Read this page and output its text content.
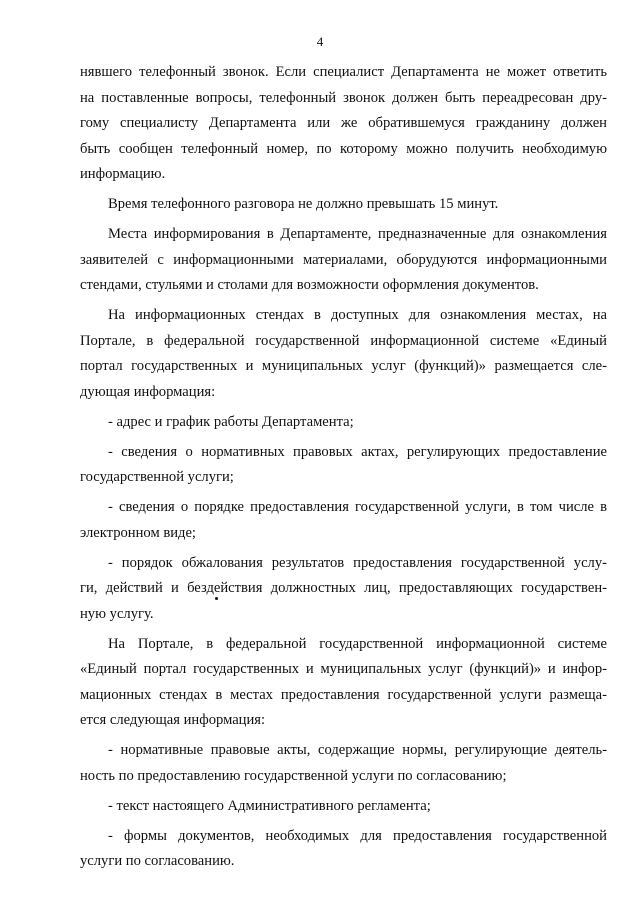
4
нявшего телефонный звонок. Если специалист Департамента не может ответить
на поставленные вопросы, телефонный звонок должен быть переадресован дру-
гому специалисту Департамента или же обратившемуся гражданину должен
быть сообщен телефонный номер, по которому можно получить необходимую
информацию.
Время телефонного разговора не должно превышать 15 минут.
Места информирования в Департаменте, предназначенные для ознакомления
заявителей с информационными материалами, оборудуются информационными
стендами, стульями и столами для возможности оформления документов.
На информационных стендах в доступных для ознакомления местах, на
Портале, в федеральной государственной информационной системе «Единый
портал государственных и муниципальных услуг (функций)» размещается сле-
дующая информация:
- адрес и график работы Департамента;
- сведения о нормативных правовых актах, регулирующих предоставление
государственной услуги;
- сведения о порядке предоставления государственной услуги, в том числе в
электронном виде;
- порядок обжалования результатов предоставления государственной услу-
ги, действий и бездействия должностных лиц, предоставляющих государствен-
ную услугу.
На Портале, в федеральной государственной информационной системе
«Единый портал государственных и муниципальных услуг (функций)» и инфор-
мационных стендах в местах предоставления государственной услуги размеща-
ется следующая информация:
- нормативные правовые акты, содержащие нормы, регулирующие деятель-
ность по предоставлению государственной услуги по согласованию;
- текст настоящего Административного регламента;
- формы документов, необходимых для предоставления государственной
услуги по согласованию.
